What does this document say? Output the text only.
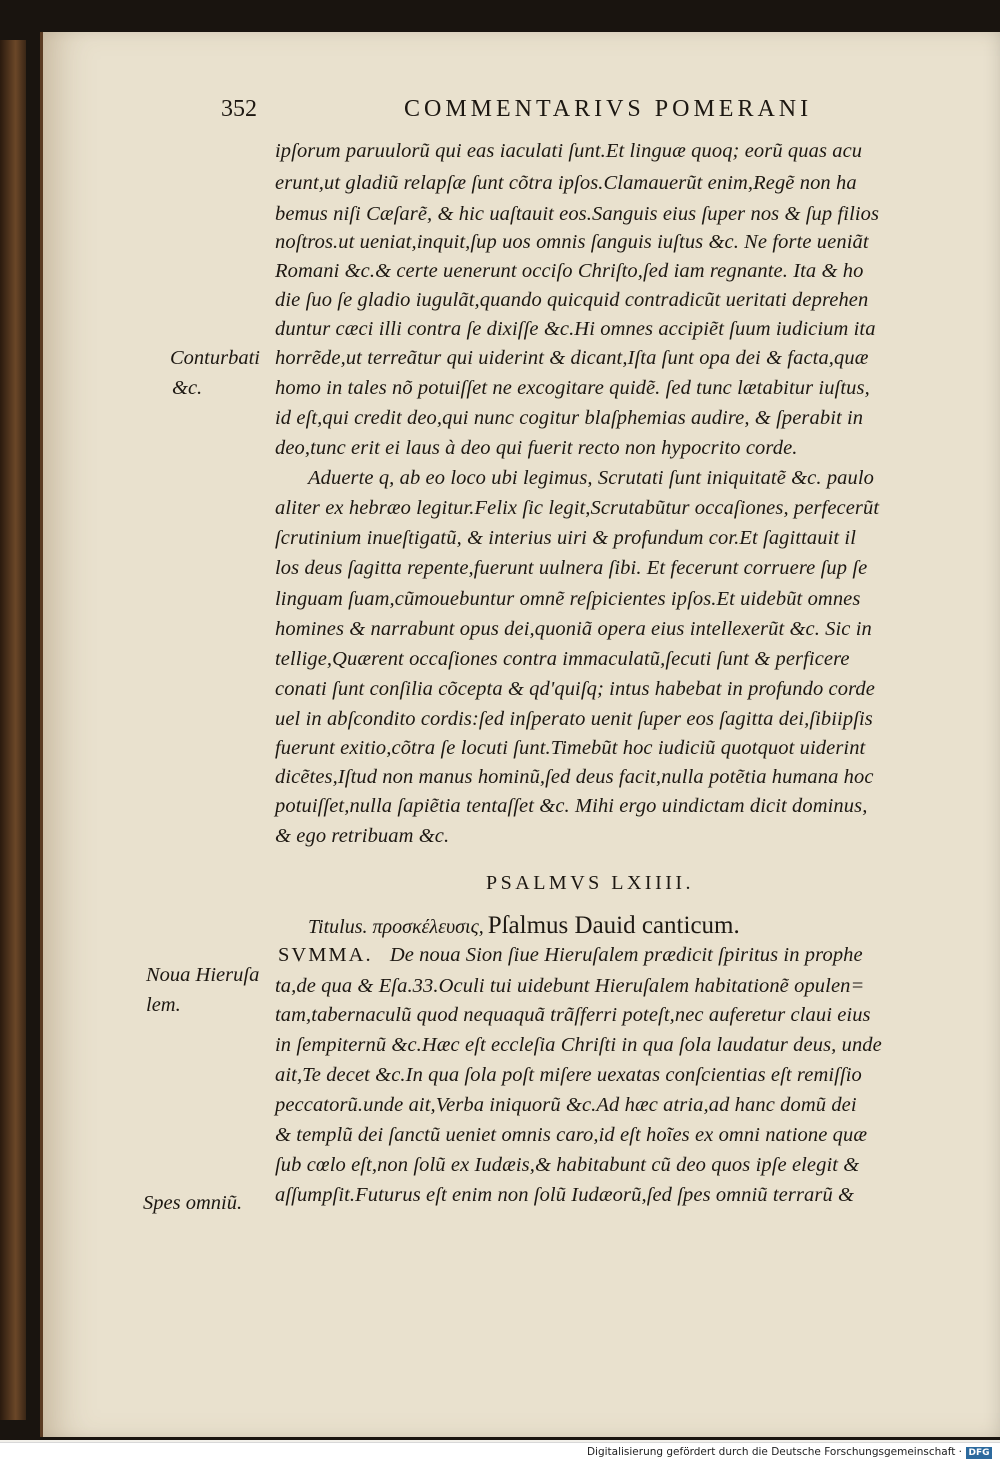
352	COMMENTARIVS POMERANI
ipſorum paruulorũ qui eas iaculati ſunt.Et linguæ quoq; eorũ quas acu
erunt,ut gladiũ relapſæ ſunt cõtra ipſos.Clamauerũt enim,Regẽ non ha
bemus niſi Cæſarẽ, & hic uaſtauit eos.Sanguis eius ſuper nos & ſup filios
noſtros.ut ueniat,inquit,ſup uos omnis ſanguis iuſtus &c. Ne forte ueniãt
Romani &c.& certe uenerunt occiſo Chriſto,ſed iam regnante. Ita & ho
die ſuo ſe gladio iugulãt,quando quicquid contradicũt ueritati deprehen
duntur cæci illi contra ſe dixiſſe &c.Hi omnes accipiẽt ſuum iudicium ita
horrẽde,ut terreãtur qui uiderint & dicant,Iſta ſunt opa dei & facta,quæ
homo in tales nõ potuiſſet ne excogitare quidẽ. ſed tunc lætabitur iuſtus,
id eſt,qui credit deo,qui nunc cogitur blaſphemias audire, & ſperabit in
deo,tunc erit ei laus à deo qui fuerit recto non hypocrito corde.
Aduerte q, ab eo loco ubi legimus, Scrutati ſunt iniquitatẽ &c. paulo
aliter ex hebræo legitur.Felix ſic legit,Scrutabũtur occaſiones, perfecerũt
ſcrutinium inueſtigatũ, & interius uiri & profundum cor.Et ſagittauit il
los deus ſagitta repente,fuerunt uulnera ſibi. Et fecerunt corruere ſup ſe
linguam ſuam,cũmouebuntur omnẽ reſpicientes ipſos.Et uidebũt omnes
homines & narrabunt opus dei,quoniã opera eius intellexerũt &c. Sic in
tellige,Quærent occaſiones contra immaculatũ,ſecuti ſunt & perficere
conati ſunt conſilia cõcepta & qd'quiſq; intus habebat in profundo corde
uel in abſcondito cordis:ſed inſperato uenit ſuper eos ſagitta dei,ſibiipſis
fuerunt exitio,cõtra ſe locuti ſunt.Timebũt hoc iudiciũ quotquot uiderint
dicẽtes,Iſtud non manus hominũ,ſed deus facit,nulla potẽtia humana hoc
potuiſſet,nulla ſapiẽtia tentaſſet &c. Mihi ergo uindictam dicit dominus,
& ego retribuam &c.
PSALMVS LXIIII.
Titulus. προσκέλευσις, Pſalmus Dauid canticum.
SVMMA. De noua Sion ſiue Hieruſalem prædicit ſpiritus in prophe
ta,de qua & Eſa.33.Oculi tui uidebunt Hieruſalem habitationẽ opulen=
tam,tabernaculũ quod nequaquã trãſferri poteſt,nec auferetur claui eius
in ſempiternũ &c.Hæc eſt eccleſia Chriſti in qua ſola laudatur deus, unde
ait,Te decet &c.In qua ſola poſt miſere uexatas conſcientias eſt remiſſio
peccatorũ.unde ait,Verba iniquorũ &c.Ad hæc atria,ad hanc domũ dei
& templũ dei ſanctũ ueniet omnis caro,id eſt hoĩes ex omni natione quæ
ſub cœlo eſt,non ſolũ ex Iudæis,& habitabunt cũ deo quos ipſe elegit &
aſſumpſit.Futurus eſt enim non ſolũ Iudæorũ,ſed ſpes omniũ terrarũ &
Conturbati
&c.
Noua Hieruſa
lem.
Spes omniũ.
Digitalisierung gefördert durch die Deutsche Forschungsgemeinschaft · DFG
